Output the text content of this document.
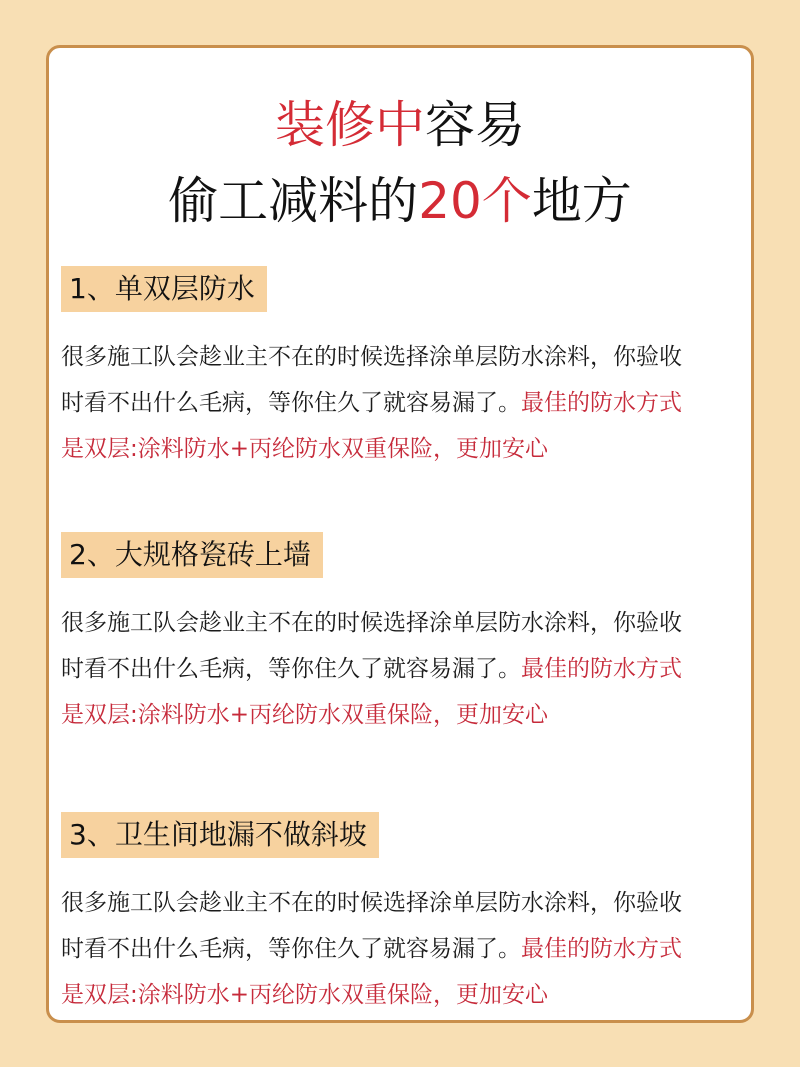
装修中容易
偷工减料的20个地方
1、单双层防水
很多施工队会趁业主不在的时候选择涂单层防水涂料，你验收
时看不出什么毛病，等你住久了就容易漏了。最佳的防水方式
是双层:涂料防水+丙纶防水双重保险，更加安心
2、大规格瓷砖上墙
很多施工队会趁业主不在的时候选择涂单层防水涂料，你验收
时看不出什么毛病，等你住久了就容易漏了。最佳的防水方式
是双层:涂料防水+丙纶防水双重保险，更加安心
3、卫生间地漏不做斜坡
很多施工队会趁业主不在的时候选择涂单层防水涂料，你验收
时看不出什么毛病，等你住久了就容易漏了。最佳的防水方式
是双层:涂料防水+丙纶防水双重保险，更加安心
